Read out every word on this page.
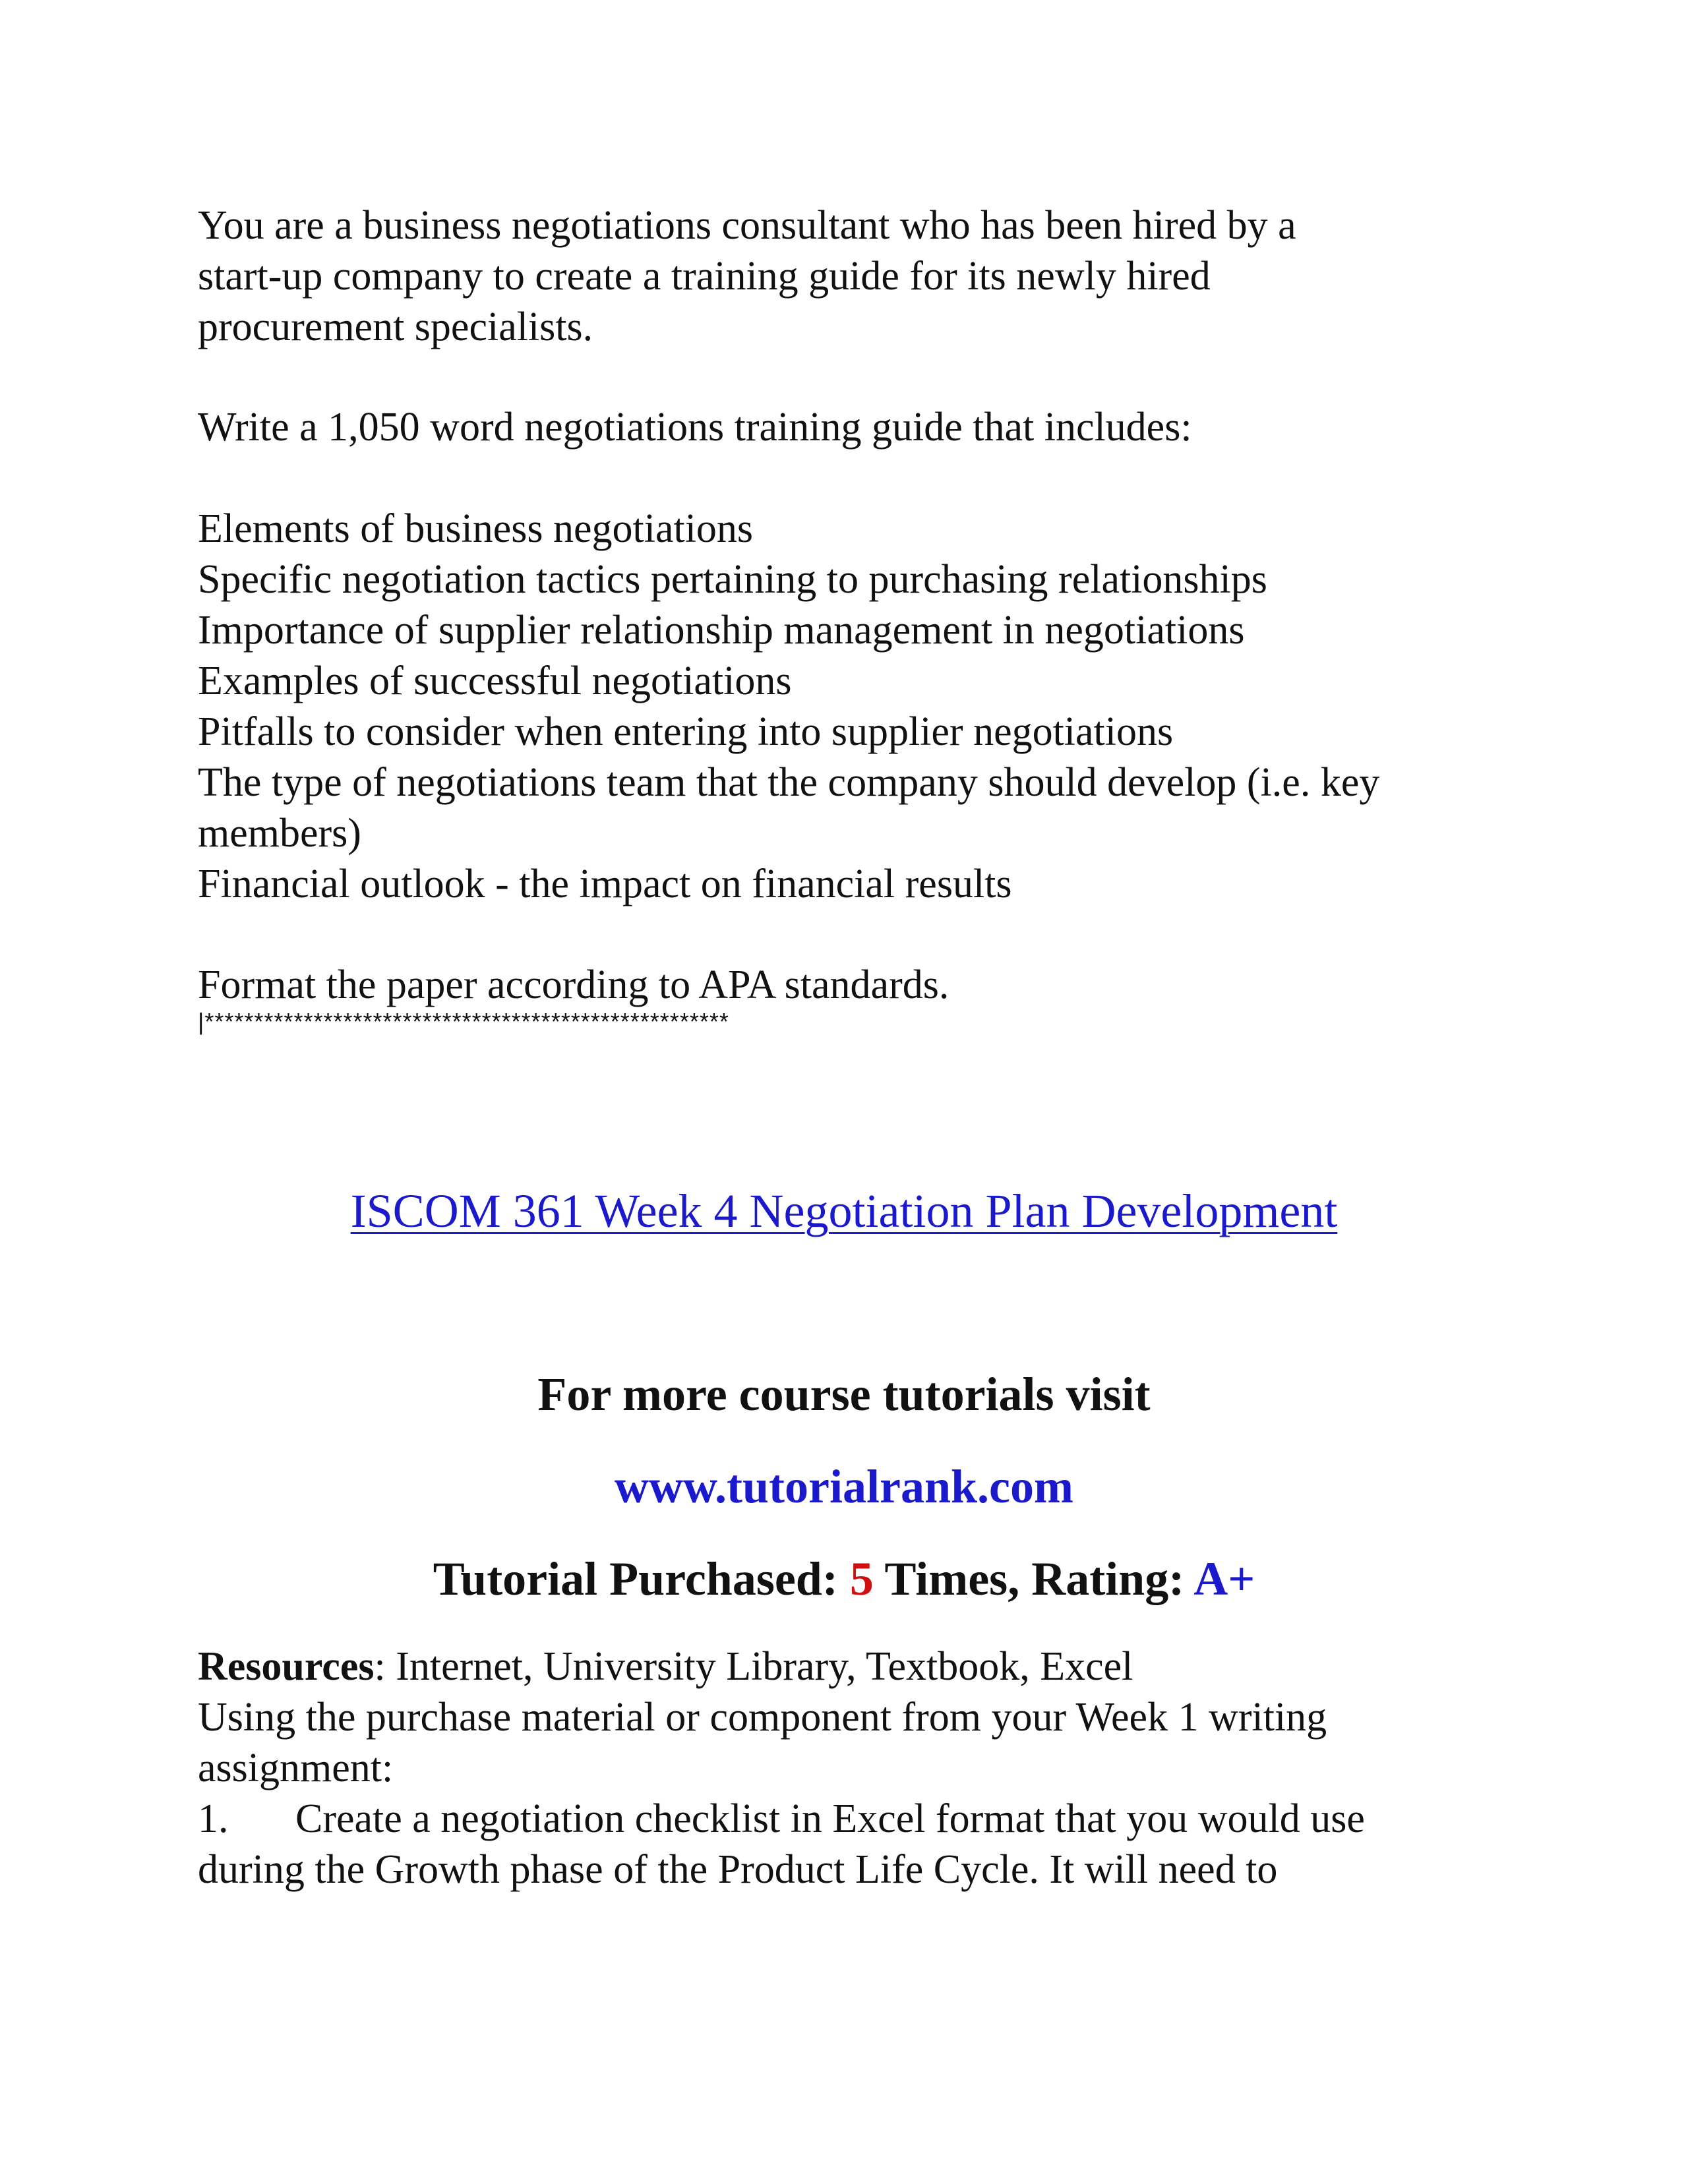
You are a business negotiations consultant who has been hired by a
start-up company to create a training guide for its newly hired
procurement specialists.
Write a 1,050 word negotiations training guide that includes:
Elements of business negotiations
Specific negotiation tactics pertaining to purchasing relationships
Importance of supplier relationship management in negotiations
Examples of successful negotiations
Pitfalls to consider when entering into supplier negotiations
The type of negotiations team that the company should develop (i.e. key
members)
Financial outlook - the impact on financial results
Format the paper according to APA standards.
|*****************************************************
ISCOM 361 Week 4 Negotiation Plan Development
For more course tutorials visit
www.tutorialrank.com
Tutorial Purchased: 5 Times, Rating: A+
Resources: Internet, University Library, Textbook, Excel
Using the purchase material or component from your Week 1 writing
assignment:
1. Create a negotiation checklist in Excel format that you would use
during the Growth phase of the Product Life Cycle. It will need to
